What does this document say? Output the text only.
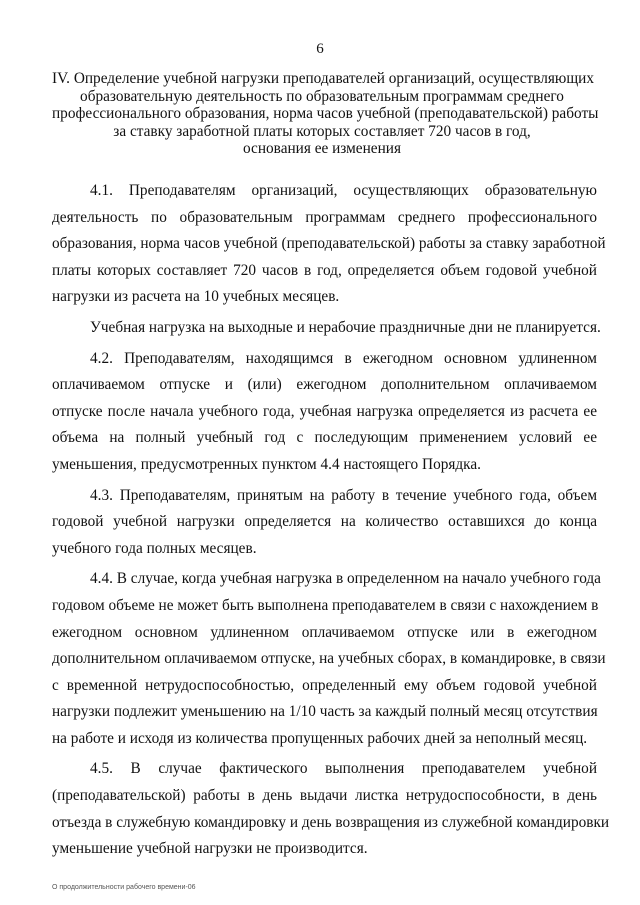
6
IV. Определение учебной нагрузки преподавателей организаций, осуществляющих
образовательную деятельность по образовательным программам среднего
профессионального образования, норма часов учебной (преподавательской) работы
за ставку заработной платы которых составляет 720 часов в год,
основания ее изменения

4.1. Преподавателям организаций, осуществляющих образовательную
деятельность по образовательным программам среднего профессионального
образования, норма часов учебной (преподавательской) работы за ставку заработной
платы которых составляет 720 часов в год, определяется объем годовой учебной
нагрузки из расчета на 10 учебных месяцев.

Учебная нагрузка на выходные и нерабочие праздничные дни не планируется.

4.2. Преподавателям, находящимся в ежегодном основном удлиненном
оплачиваемом отпуске и (или) ежегодном дополнительном оплачиваемом
отпуске после начала учебного года, учебная нагрузка определяется из расчета ее
объема на полный учебный год с последующим применением условий ее
уменьшения, предусмотренных пунктом 4.4 настоящего Порядка.

4.3. Преподавателям, принятым на работу в течение учебного года, объем
годовой учебной нагрузки определяется на количество оставшихся до конца
учебного года полных месяцев.

4.4. В случае, когда учебная нагрузка в определенном на начало учебного года
годовом объеме не может быть выполнена преподавателем в связи с нахождением в
ежегодном основном удлиненном оплачиваемом отпуске или в ежегодном
дополнительном оплачиваемом отпуске, на учебных сборах, в командировке, в связи
с временной нетрудоспособностью, определенный ему объем годовой учебной
нагрузки подлежит уменьшению на 1/10 часть за каждый полный месяц отсутствия
на работе и исходя из количества пропущенных рабочих дней за неполный месяц.

4.5. В случае фактического выполнения преподавателем учебной
(преподавательской) работы в день выдачи листка нетрудоспособности, в день
отъезда в служебную командировку и день возвращения из служебной командировки
уменьшение учебной нагрузки не производится.

О продолжительности рабочего времени-06
